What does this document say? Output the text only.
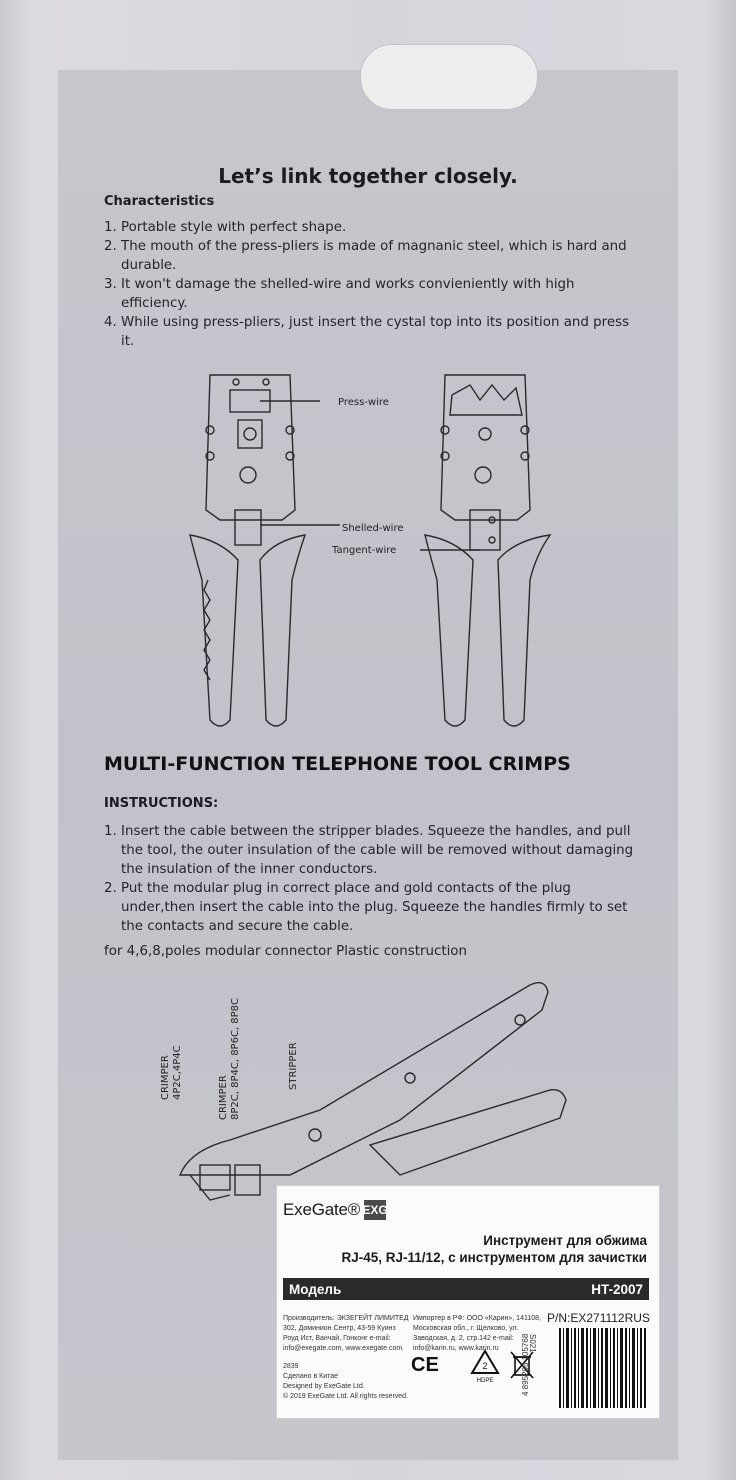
Let’s link together closely.
Characteristics
1. Portable style with perfect shape.
2. The mouth of the press-pliers is made of magnanic steel, which is hard and durable.
3. It won't damage the shelled-wire and works convieniently with high efficiency.
4. While using press-pliers, just insert the cystal top into its position and press it.
Press-wire
Shelled-wire
Tangent-wire
MULTI-FUNCTION TELEPHONE TOOL CRIMPS
INSTRUCTIONS:
1. Insert the cable between the stripper blades. Squeeze the handles, and pull the tool, the outer insulation of the cable will be removed without damaging the insulation of the inner conductors.
2. Put the modular plug in correct place and gold contacts of the plug under,then insert the cable into the plug. Squeeze the handles firmly to set the contacts and secure the cable.
for 4,6,8,poles modular connector Plastic construction
CRIMPER
4P2C,4P4C	CRIMPER
8P2C, 8P4C, 8P6C, 8P8C	STRIPPER
ExeGate® EXG
Инструмент для обжима
RJ-45, RJ-11/12, с инструментом для зачистки
Модель	HT-2007
Производитель: ЭКЗЕГЕЙТ ЛИМИТЕД 302, Доминион Сентр, 43-59 Куинз Роуд Ист, Ванчай, Гонконг e-mail: info@exegate.com, www.exegate.com
Импортер в РФ: ООО «Карин», 141108, Московская обл., г. Щелково, ул. Заводская, д. 2, стр.142 e-mail: info@karin.ru, www.karin.ru
P/N:EX271112RUS
2839
Сделано в Китае
Designed by ExeGate Ltd.
© 2019 ExeGate Ltd. All rights reserved.
CE	2
HDPE
S021
4 895205 105768
